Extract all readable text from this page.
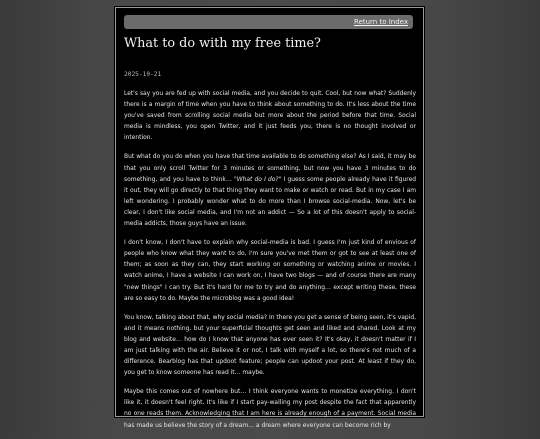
Return to Index
What to do with my free time?
2025-10-21

Let's say you are fed up with social media, and you decide to quit. Cool, but now what? Suddenly there is a margin of time when you have to think about something to do. It's less about the time you've saved from scrolling social media but more about the period before that time. Social media is mindless, you open Twitter, and it just feeds you, there is no thought involved or intention.

But what do you do when you have that time available to do something else? As I said, it may be that you only scroll Twitter for 3 minutes or something, but now you have 3 minutes to do something, and you have to think… "What do I do?" I guess some people already have it figured it out, they will go directly to that thing they want to make or watch or read. But in my case I am left wondering. I probably wonder what to do more than I browse social-media. Now, let's be clear, I don't like social media, and I'm not an addict — So a lot of this doesn't apply to social-media addicts, those guys have an issue.

I don't know, I don't have to explain why social-media is bad. I guess I'm just kind of envious of people who know what they want to do, I'm sure you've met them or got to see at least one of them; as soon as they can, they start working on something or watching anime or movies. I watch anime, I have a website I can work on, I have two blogs — and of course there are many "new things" I can try. But it's hard for me to try and do anything… except writing these, these are so easy to do. Maybe the microblog was a good idea!

You know, talking about that, why social media? In there you get a sense of being seen, it's vapid, and it means nothing, but your superficial thoughts get seen and liked and shared. Look at my blog and website… how do I know that anyone has ever seen it? It's okay, it doesn't matter if I am just talking with the air. Believe it or not, I talk with myself a lot, so there's not much of a difference. Bearblog has that updoot feature; people can updoot your post. At least if they do, you get to know someone has read it… maybe.

Maybe this comes out of nowhere but… I think everyone wants to monetize everything. I don't like it, it doesn't feel right. It's like if I start pay-walling my post despite the fact that apparently no one reads them. Acknowledging that I am here is already enough of a payment. Social media has made us believe the story of a dream… a dream where everyone can become rich by
